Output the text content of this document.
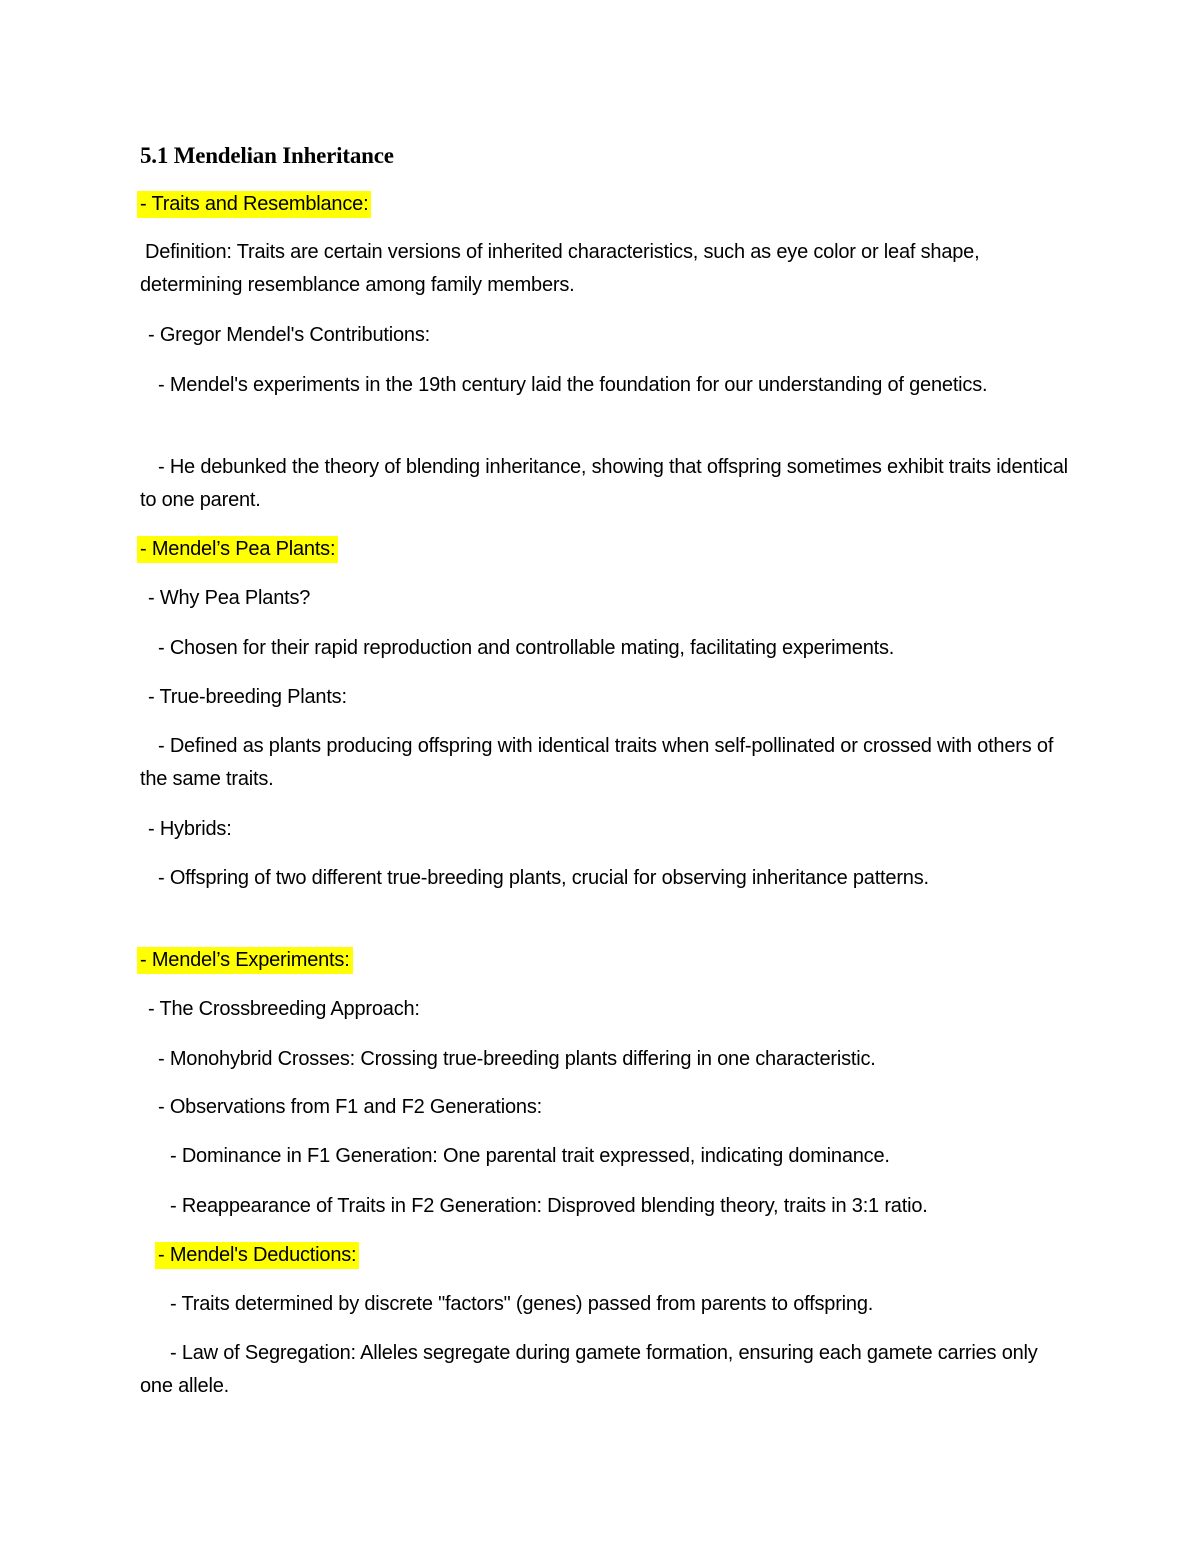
5.1 Mendelian Inheritance
- Traits and Resemblance:
Definition: Traits are certain versions of inherited characteristics, such as eye color or leaf shape, determining resemblance among family members.
- Gregor Mendel's Contributions:
- Mendel's experiments in the 19th century laid the foundation for our understanding of genetics.
- He debunked the theory of blending inheritance, showing that offspring sometimes exhibit traits identical to one parent.
- Mendel’s Pea Plants:
- Why Pea Plants?
- Chosen for their rapid reproduction and controllable mating, facilitating experiments.
- True-breeding Plants:
- Defined as plants producing offspring with identical traits when self-pollinated or crossed with others of the same traits.
- Hybrids:
- Offspring of two different true-breeding plants, crucial for observing inheritance patterns.
- Mendel’s Experiments:
- The Crossbreeding Approach:
- Monohybrid Crosses: Crossing true-breeding plants differing in one characteristic.
- Observations from F1 and F2 Generations:
- Dominance in F1 Generation: One parental trait expressed, indicating dominance.
- Reappearance of Traits in F2 Generation: Disproved blending theory, traits in 3:1 ratio.
- Mendel's Deductions:
- Traits determined by discrete "factors" (genes) passed from parents to offspring.
- Law of Segregation: Alleles segregate during gamete formation, ensuring each gamete carries only one allele.
